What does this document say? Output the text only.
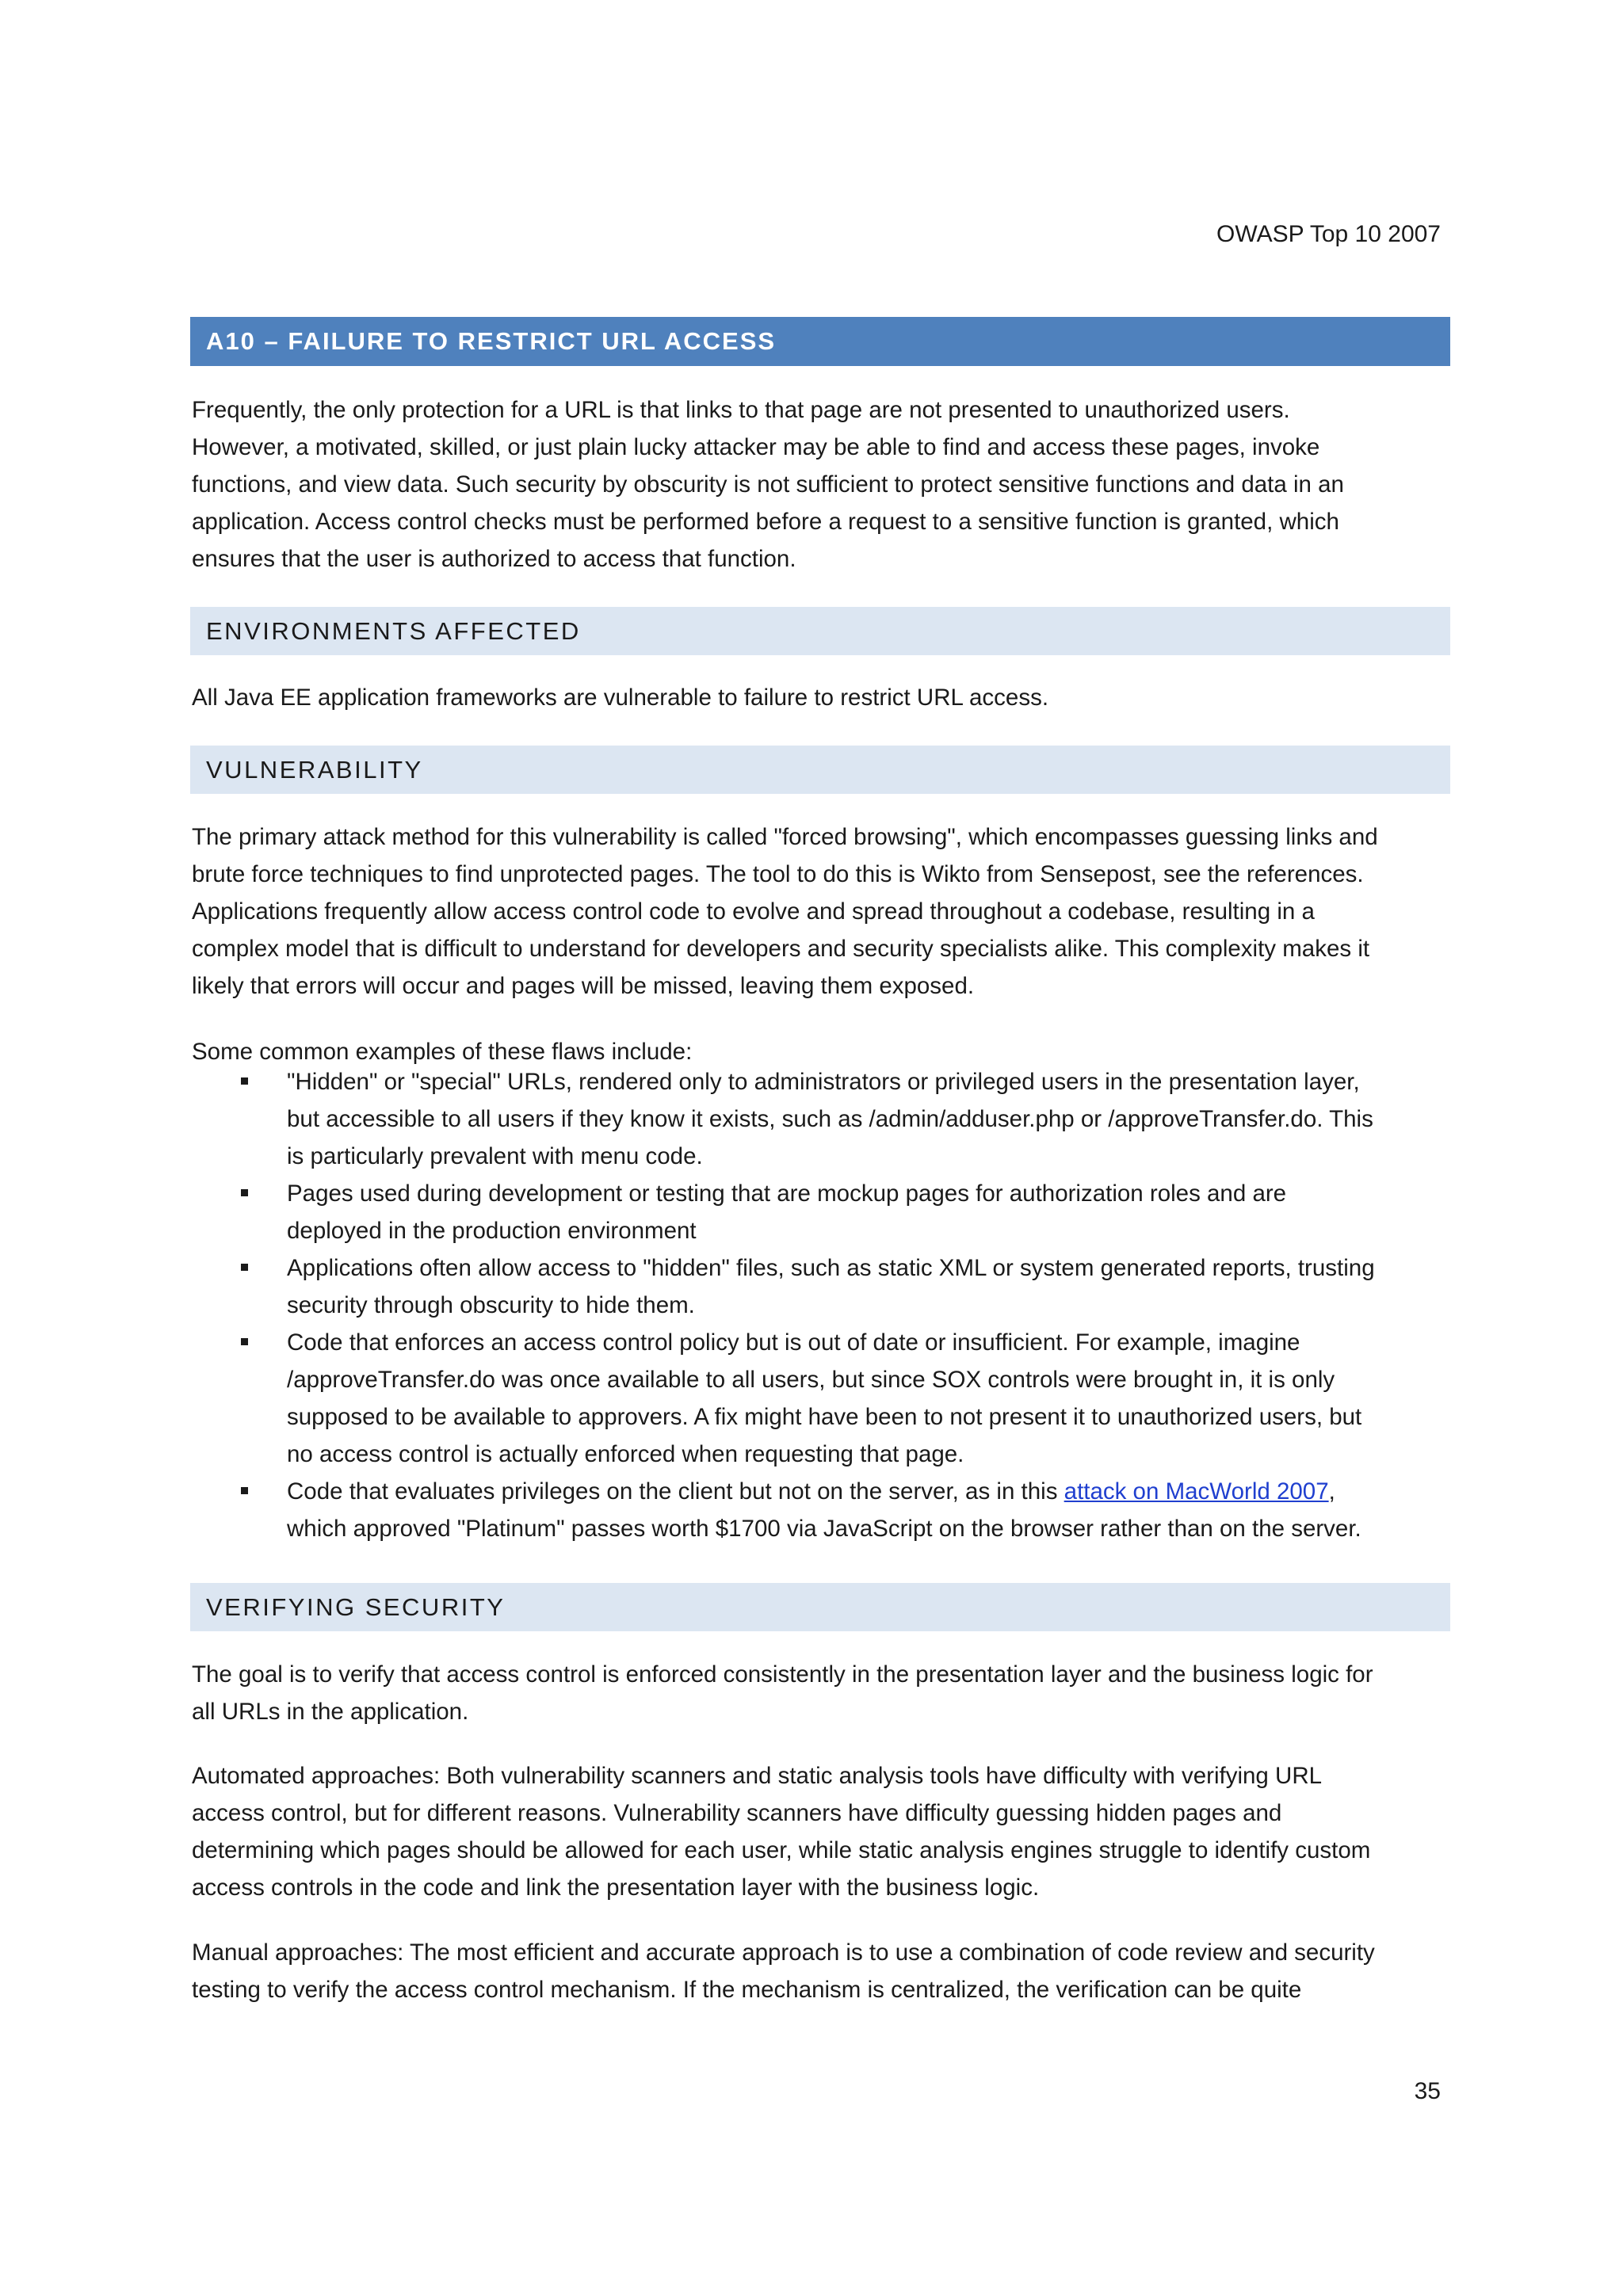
OWASP Top 10 2007
A10 – FAILURE TO RESTRICT URL ACCESS
Frequently, the only protection for a URL is that links to that page are not presented to unauthorized users.
However, a motivated, skilled, or just plain lucky attacker may be able to find and access these pages, invoke
functions, and view data. Such security by obscurity is not sufficient to protect sensitive functions and data in an
application. Access control checks must be performed before a request to a sensitive function is granted, which
ensures that the user is authorized to access that function.
ENVIRONMENTS AFFECTED
All Java EE application frameworks are vulnerable to failure to restrict URL access.
VULNERABILITY
The primary attack method for this vulnerability is called "forced browsing", which encompasses guessing links and
brute force techniques to find unprotected pages. The tool to do this is Wikto from Sensepost, see the references.
Applications frequently allow access control code to evolve and spread throughout a codebase, resulting in a
complex model that is difficult to understand for developers and security specialists alike. This complexity makes it
likely that errors will occur and pages will be missed, leaving them exposed.
Some common examples of these flaws include:
"Hidden" or "special" URLs, rendered only to administrators or privileged users in the presentation layer,
but accessible to all users if they know it exists, such as /admin/adduser.php or /approveTransfer.do. This
is particularly prevalent with menu code.
Pages used during development or testing that are mockup pages for authorization roles and are
deployed in the production environment
Applications often allow access to "hidden" files, such as static XML or system generated reports, trusting
security through obscurity to hide them.
Code that enforces an access control policy but is out of date or insufficient. For example, imagine
/approveTransfer.do was once available to all users, but since SOX controls were brought in, it is only
supposed to be available to approvers. A fix might have been to not present it to unauthorized users, but
no access control is actually enforced when requesting that page.
Code that evaluates privileges on the client but not on the server, as in this attack on MacWorld 2007,
which approved "Platinum" passes worth $1700 via JavaScript on the browser rather than on the server.
VERIFYING SECURITY
The goal is to verify that access control is enforced consistently in the presentation layer and the business logic for
all URLs in the application.
Automated approaches: Both vulnerability scanners and static analysis tools have difficulty with verifying URL
access control, but for different reasons. Vulnerability scanners have difficulty guessing hidden pages and
determining which pages should be allowed for each user, while static analysis engines struggle to identify custom
access controls in the code and link the presentation layer with the business logic.
Manual approaches: The most efficient and accurate approach is to use a combination of code review and security
testing to verify the access control mechanism. If the mechanism is centralized, the verification can be quite
35
